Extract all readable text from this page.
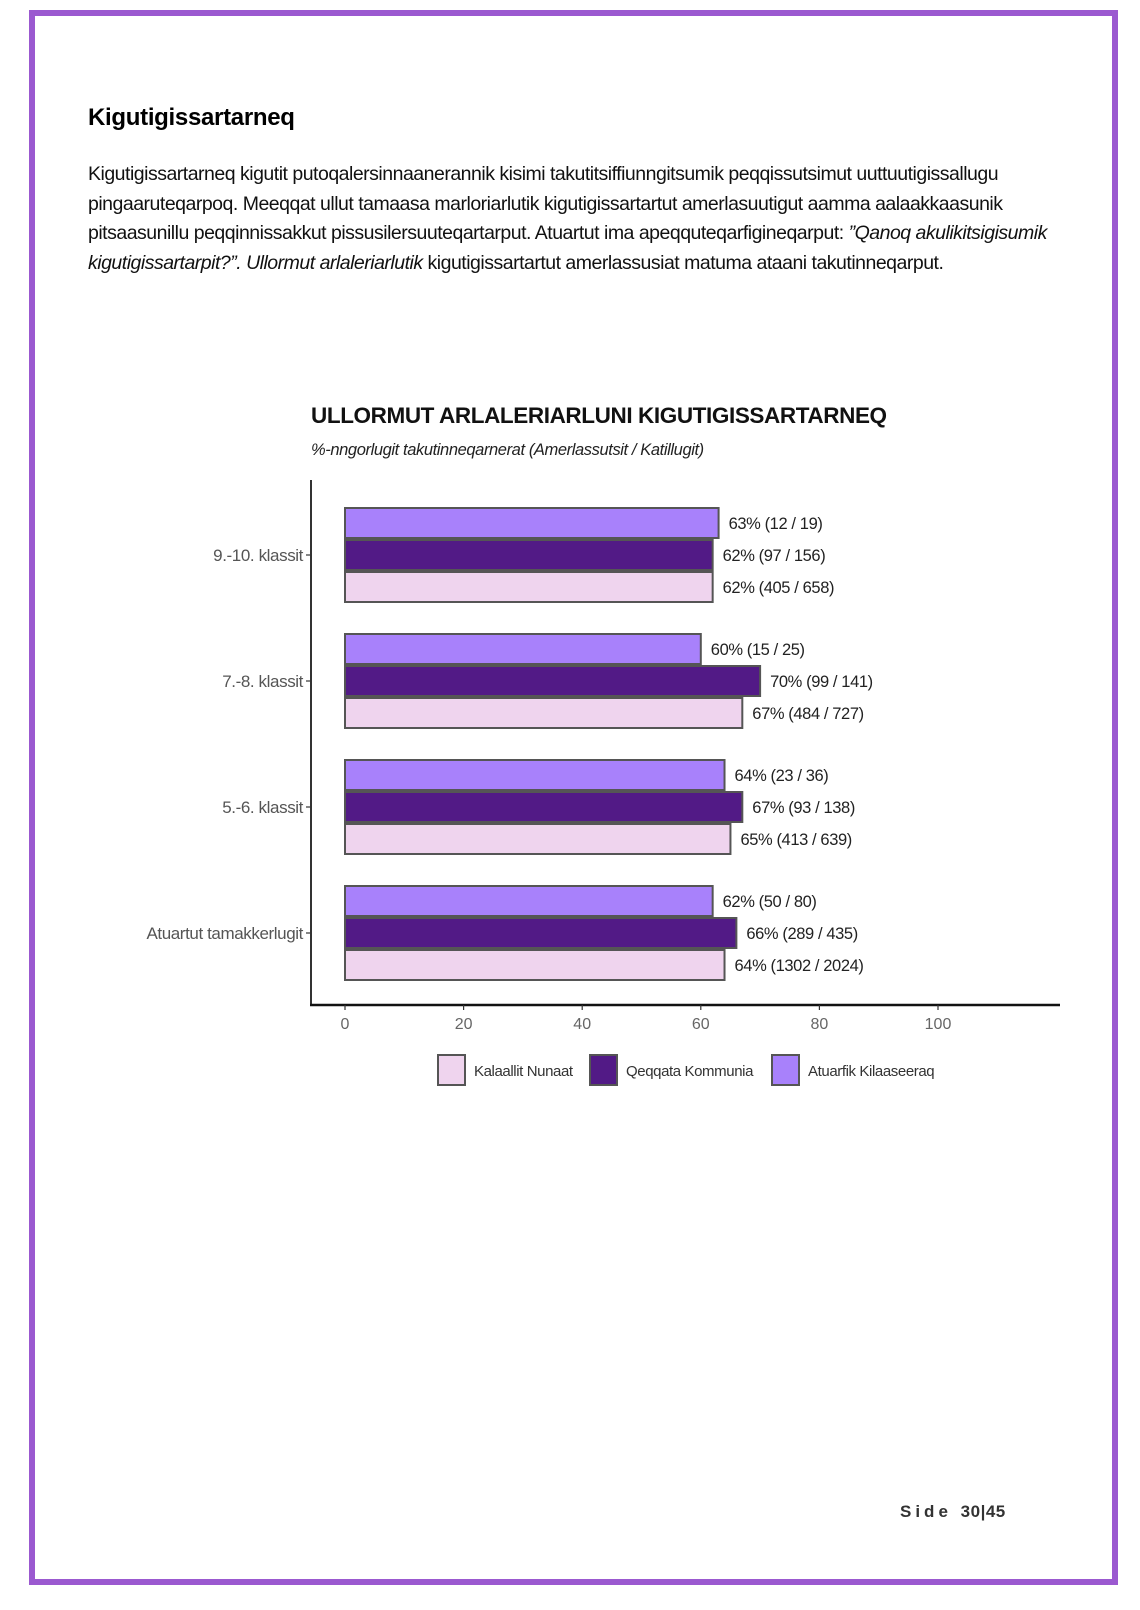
Kigutigissartarneq
Kigutigissartarneq kigutit putoqalersinnaanerannik kisimi takutitsiffiunngitsumik peqqissutsimut uuttuutigissallugu pingaaruteqarpoq. Meeqqat ullut tamaasa marloriarlutik kigutigissartartut amerlasuutigut aamma aalaakkaasunik pitsaasunillu peqqinnissakkut pissusilersuuteqartarput. Atuartut ima apeqquteqarfigineqarput: ”Qanoq akulikitsigisumik kigutigissartarpit?”. Ullormut arlaleriarlutik kigutigissartartut amerlassusiat matuma ataani takutinneqarput.
ULLORMUT ARLALERIARLUNI KIGUTIGISSARTARNEQ
%-nngorlugit takutinneqarnerat (Amerlassutsit / Katillugit)
0	20	40	60	80	100
9.-10. klassit
63% (12 / 19)
62% (97 / 156)
62% (405 / 658)
7.-8. klassit
60% (15 / 25)
70% (99 / 141)
67% (484 / 727)
5.-6. klassit
64% (23 / 36)
67% (93 / 138)
65% (413 / 639)
Atuartut tamakkerlugit
62% (50 / 80)
66% (289 / 435)
64% (1302 / 2024)
Kalaallit Nunaat	Qeqqata Kommunia	Atuarfik Kilaaseeraq
Side 30|45
